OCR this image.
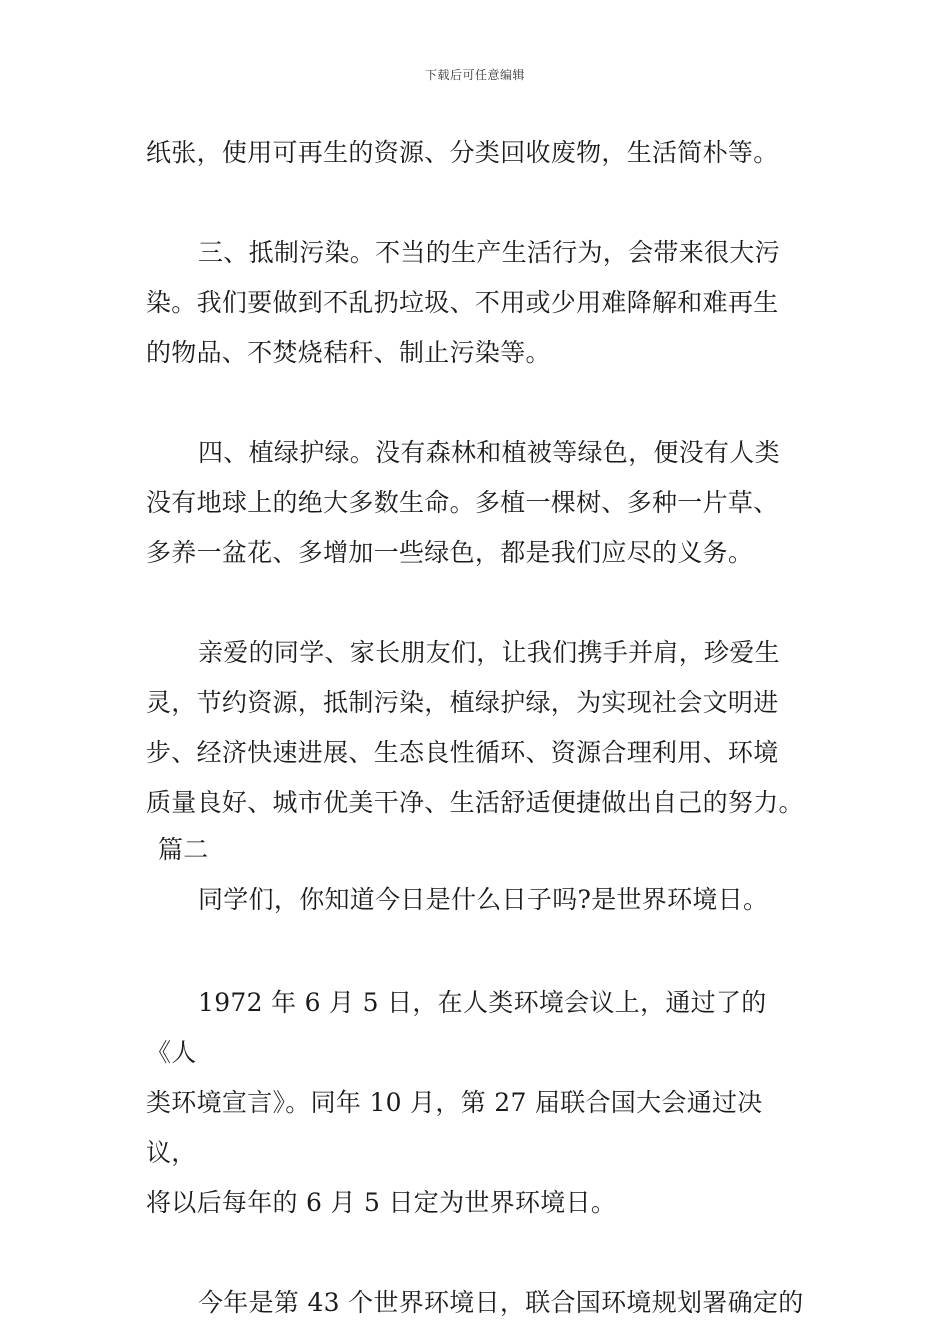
下载后可任意编辑

纸张，使用可再生的资源、分类回收废物，生活简朴等。

三、抵制污染。不当的生产生活行为，会带来很大污

染。我们要做到不乱扔垃圾、不用或少用难降解和难再生

的物品、不焚烧秸秆、制止污染等。

四、植绿护绿。没有森林和植被等绿色，便没有人类

没有地球上的绝大多数生命。多植一棵树、多种一片草、

多养一盆花、多增加一些绿色，都是我们应尽的义务。

亲爱的同学、家长朋友们，让我们携手并肩，珍爱生

灵，节约资源，抵制污染，植绿护绿，为实现社会文明进

步、经济快速进展、生态良性循环、资源合理利用、环境

质量良好、城市优美干净、生活舒适便捷做出自己的努力。

篇二

同学们，你知道今日是什么日子吗?是世界环境日。

1972 年 6 月 5 日，在人类环境会议上，通过了的《人

类环境宣言》。同年 10 月，第 27 届联合国大会通过决议，

将以后每年的 6 月 5 日定为世界环境日。

今年是第 43 个世界环境日，联合国环境规划署确定的
